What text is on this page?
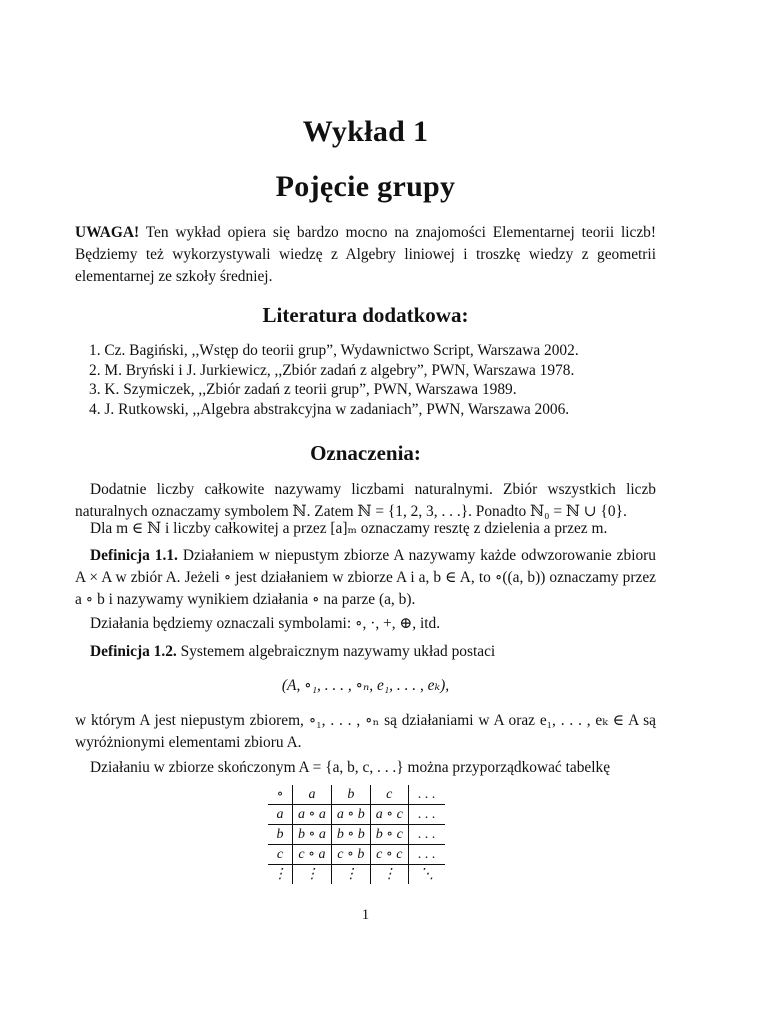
Wykład 1
Pojęcie grupy
UWAGA! Ten wykład opiera się bardzo mocno na znajomości Elementarnej teorii liczb! Będziemy też wykorzystywali wiedzę z Algebry liniowej i troszkę wiedzy z geometrii elementarnej ze szkoły średniej.
Literatura dodatkowa:
1. Cz. Bagiński, ,,Wstęp do teorii grup”, Wydawnictwo Script, Warszawa 2002.
2. M. Bryński i J. Jurkiewicz, ,,Zbiór zadań z algebry”, PWN, Warszawa 1978.
3. K. Szymiczek, ,,Zbiór zadań z teorii grup”, PWN, Warszawa 1989.
4. J. Rutkowski, ,,Algebra abstrakcyjna w zadaniach”, PWN, Warszawa 2006.
Oznaczenia:
Dodatnie liczby całkowite nazywamy liczbami naturalnymi. Zbiór wszystkich liczb naturalnych oznaczamy symbolem ℕ. Zatem ℕ = {1, 2, 3, . . .}. Ponadto ℕ₀ = ℕ ∪ {0}.
Dla m ∈ ℕ i liczby całkowitej a przez [a]ₘ oznaczamy resztę z dzielenia a przez m.
Definicja 1.1. Działaniem w niepustym zbiorze A nazywamy każde odwzorowanie zbioru A × A w zbiór A. Jeżeli ∘ jest działaniem w zbiorze A i a, b ∈ A, to ∘((a, b)) oznaczamy przez a ∘ b i nazywamy wynikiem działania ∘ na parze (a, b).
Działania będziemy oznaczali symbolami: ∘, ·, +, ⊕, itd.
Definicja 1.2. Systemem algebraicznym nazywamy układ postaci
(A, ∘₁, . . . , ∘ₙ, e₁, . . . , eₖ),
w którym A jest niepustym zbiorem, ∘₁, . . . , ∘ₙ są działaniami w A oraz e₁, . . . , eₖ ∈ A są wyróżnionymi elementami zbioru A.
Działaniu w zbiorze skończonym A = {a, b, c, . . .} można przyporządkować tabelkę
∘	a	b	c	. . .
a	a ∘ a	a ∘ b	a ∘ c	. . .
b	b ∘ a	b ∘ b	b ∘ c	. . .
c	c ∘ a	c ∘ b	c ∘ c	. . .
⋮	⋮	⋮	⋮	⋱
1
